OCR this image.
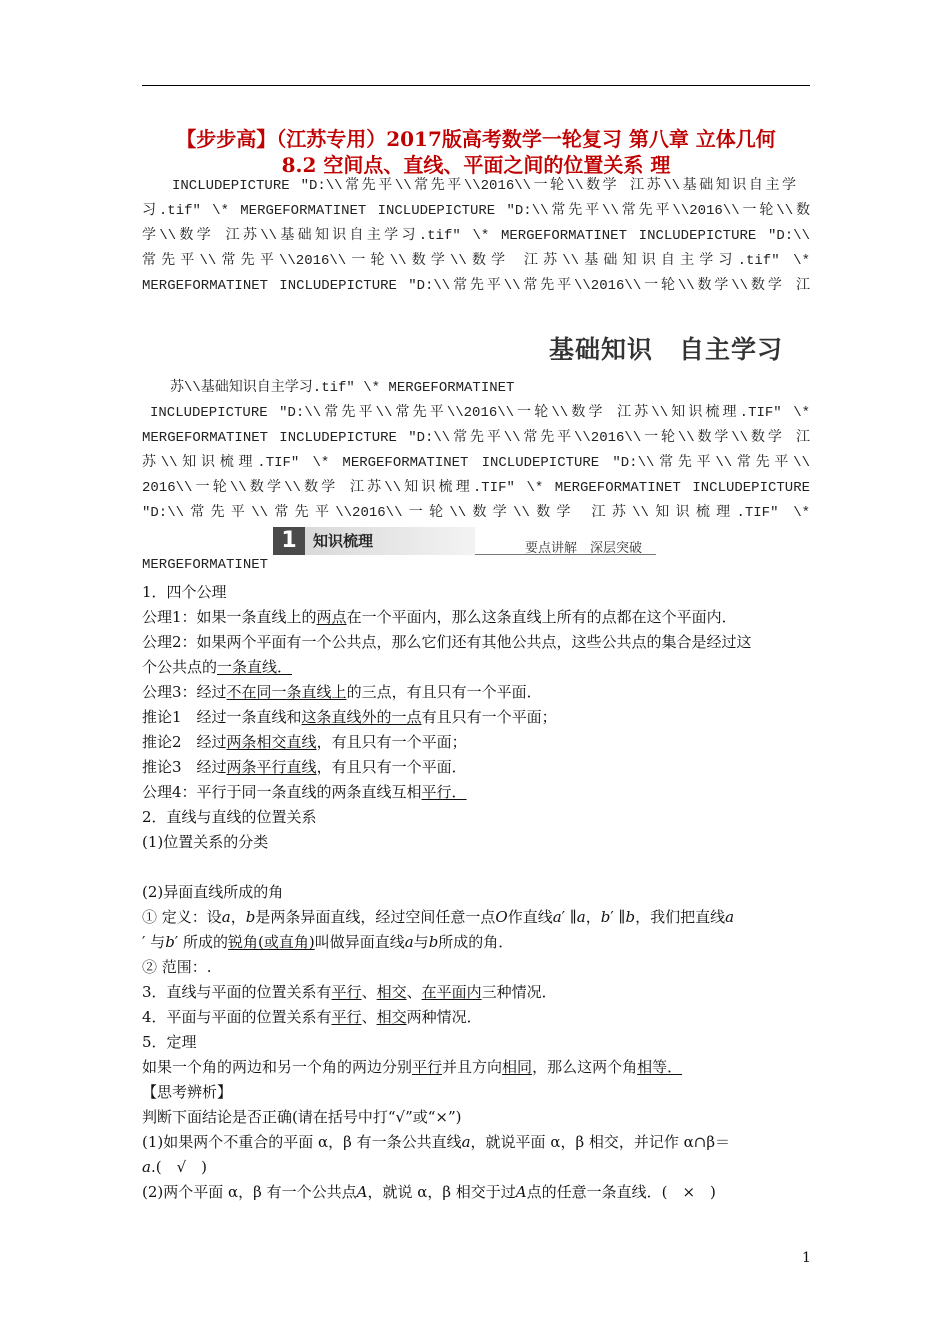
【步步高】（江苏专用）2017版高考数学一轮复习 第八章 立体几何
8.2 空间点、直线、平面之间的位置关系 理
INCLUDEPICTURE "D:\\常先平\\常先平\\2016\\一轮\\数学 江苏\\基础知识自主学
习.tif" \* MERGEFORMATINET INCLUDEPICTURE "D:\\常先平\\常先平\\2016\\一轮\\数
学\\数学 江苏\\基础知识自主学习.tif" \* MERGEFORMATINET INCLUDEPICTURE "D:\\
常先平\\常先平\\2016\\一轮\\数学\\数学 江苏\\基础知识自主学习.tif" \*
MERGEFORMATINET INCLUDEPICTURE "D:\\常先平\\常先平\\2016\\一轮\\数学\\数学 江
基础知识　自主学习
苏\\基础知识自主学习.tif" \* MERGEFORMATINET
INCLUDEPICTURE "D:\\常先平\\常先平\\2016\\一轮\\数学 江苏\\知识梳理.TIF" \*
MERGEFORMATINET INCLUDEPICTURE "D:\\常先平\\常先平\\2016\\一轮\\数学\\数学 江
苏\\知识梳理.TIF" \* MERGEFORMATINET INCLUDEPICTURE "D:\\常先平\\常先平\\
2016\\一轮\\数学\\数学 江苏\\知识梳理.TIF" \* MERGEFORMATINET INCLUDEPICTURE
"D:\\常先平\\常先平\\2016\\一轮\\数学\\数学 江苏\\知识梳理.TIF" \*
1	知识梳理	要点讲解　深层突破
MERGEFORMATINET
1．四个公理
公理1：如果一条直线上的两点在一个平面内，那么这条直线上所有的点都在这个平面内．
公理2：如果两个平面有一个公共点，那么它们还有其他公共点，这些公共点的集合是经过这
个公共点的一条直线．
公理3：经过不在同一条直线上的三点，有且只有一个平面．
推论1　经过一条直线和这条直线外的一点有且只有一个平面；
推论2　经过两条相交直线，有且只有一个平面；
推论3　经过两条平行直线，有且只有一个平面．
公理4：平行于同一条直线的两条直线互相平行．
2．直线与直线的位置关系
(1)位置关系的分类
(2)异面直线所成的角
① 定义：设a，b是两条异面直线，经过空间任意一点O作直线a′ ∥a，b′ ∥b，我们把直线a
′ 与b′ 所成的锐角(或直角)叫做异面直线a与b所成的角．
② 范围：.
3．直线与平面的位置关系有平行、相交、在平面内三种情况．
4．平面与平面的位置关系有平行、相交两种情况．
5．定理
如果一个角的两边和另一个角的两边分别平行并且方向相同，那么这两个角相等．
【思考辨析】
判断下面结论是否正确(请在括号中打“√”或“×”)
(1)如果两个不重合的平面 α，β 有一条公共直线a，就说平面 α，β 相交，并记作 α∩β＝
a.(　√　)
(2)两个平面 α，β 有一个公共点A，就说 α，β 相交于过A点的任意一条直线．(　×　)
1
